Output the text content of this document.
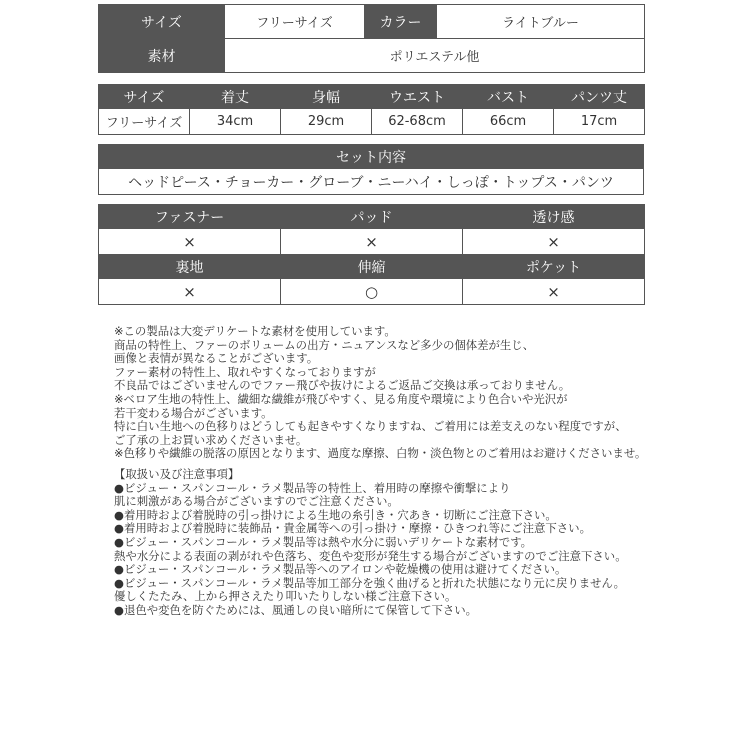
サイズ	フリーサイズ	カラー	ライトブルー
素材	ポリエステル他		
サイズ	着丈	身幅	ウエスト	バスト	パンツ丈
フリーサイズ	34cm	29cm	62-68cm	66cm	17cm
セット内容
ヘッドピース・チョーカー・グローブ・ニーハイ・しっぽ・トップス・パンツ
ファスナー	パッド	透け感
×	×	×
裏地	伸縮	ポケット
×	○	×
※この製品は大変デリケートな素材を使用しています。
商品の特性上、ファーのボリュームの出方・ニュアンスなど多少の個体差が生じ、
画像と表情が異なることがございます。
ファー素材の特性上、取れやすくなっておりますが
不良品ではございませんのでファー飛びや抜けによるご返品ご交換は承っておりません。
※ベロア生地の特性上、繊細な繊維が飛びやすく、見る角度や環境により色合いや光沢が
若干変わる場合がございます。
特に白い生地への色移りはどうしても起きやすくなりますね、ご着用には差支えのない程度ですが、
ご了承の上お買い求めくださいませ。
※色移りや繊維の脱落の原因となります、過度な摩擦、白物・淡色物とのご着用はお避けくださいませ。
【取扱い及び注意事項】
●ビジュー・スパンコール・ラメ製品等の特性上、着用時の摩擦や衝撃により
肌に刺激がある場合がございますのでご注意ください。
●着用時および着脱時の引っ掛けによる生地の糸引き・穴あき・切断にご注意下さい。
●着用時および着脱時に装飾品・貴金属等への引っ掛け・摩擦・ひきつれ等にご注意下さい。
●ビジュー・スパンコール・ラメ製品等は熱や水分に弱いデリケートな素材です。
熱や水分による表面の剥がれや色落ち、変色や変形が発生する場合がございますのでご注意下さい。
●ビジュー・スパンコール・ラメ製品等へのアイロンや乾燥機の使用は避けてください。
●ビジュー・スパンコール・ラメ製品等加工部分を強く曲げると折れた状態になり元に戻りません。
優しくたたみ、上から押さえたり叩いたりしない様ご注意下さい。
●退色や変色を防ぐためには、風通しの良い暗所にて保管して下さい。
